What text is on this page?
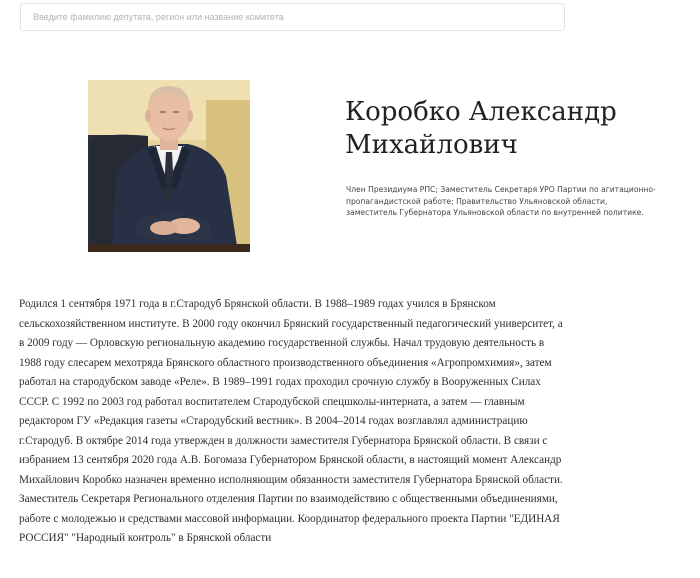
Введите фамилию депутата, регион или название комитета
Коробко Александр Михайлович

Член Президиума РПС; Заместитель Секретаря УРО Партии по агитационно-пропагандистской работе; Правительство Ульяновской области, заместитель Губернатора Ульяновской области по внутренней политике.

Родился 1 сентября 1971 года в г.Стародуб Брянской области. В 1988–1989 годах учился в Брянском сельскохозяйственном институте. В 2000 году окончил Брянский государственный педагогический университет, а в 2009 году — Орловскую региональную академию государственной службы. Начал трудовую деятельность в 1988 году слесарем мехотряда Брянского областного производственного объединения «Агропромхимия», затем работал на стародубском заводе «Реле». В 1989–1991 годах проходил срочную службу в Вооруженных Силах СССР. С 1992 по 2003 год работал воспитателем Стародубской спецшколы-интерната, а затем — главным редактором ГУ «Редакция газеты «Стародубский вестник». В 2004–2014 годах возглавлял администрацию г.Стародуб. В октябре 2014 года утвержден в должности заместителя Губернатора Брянской области. В связи с избранием 13 сентября 2020 года А.В. Богомаза Губернатором Брянской области, в настоящий момент Александр Михайлович Коробко назначен временно исполняющим обязанности заместителя Губернатора Брянской области. Заместитель Секретаря Регионального отделения Партии по взаимодействию с общественными объединениями, работе с молодежью и средствами массовой информации. Координатор федерального проекта Партии "ЕДИНАЯ РОССИЯ" "Народный контроль" в Брянской области
